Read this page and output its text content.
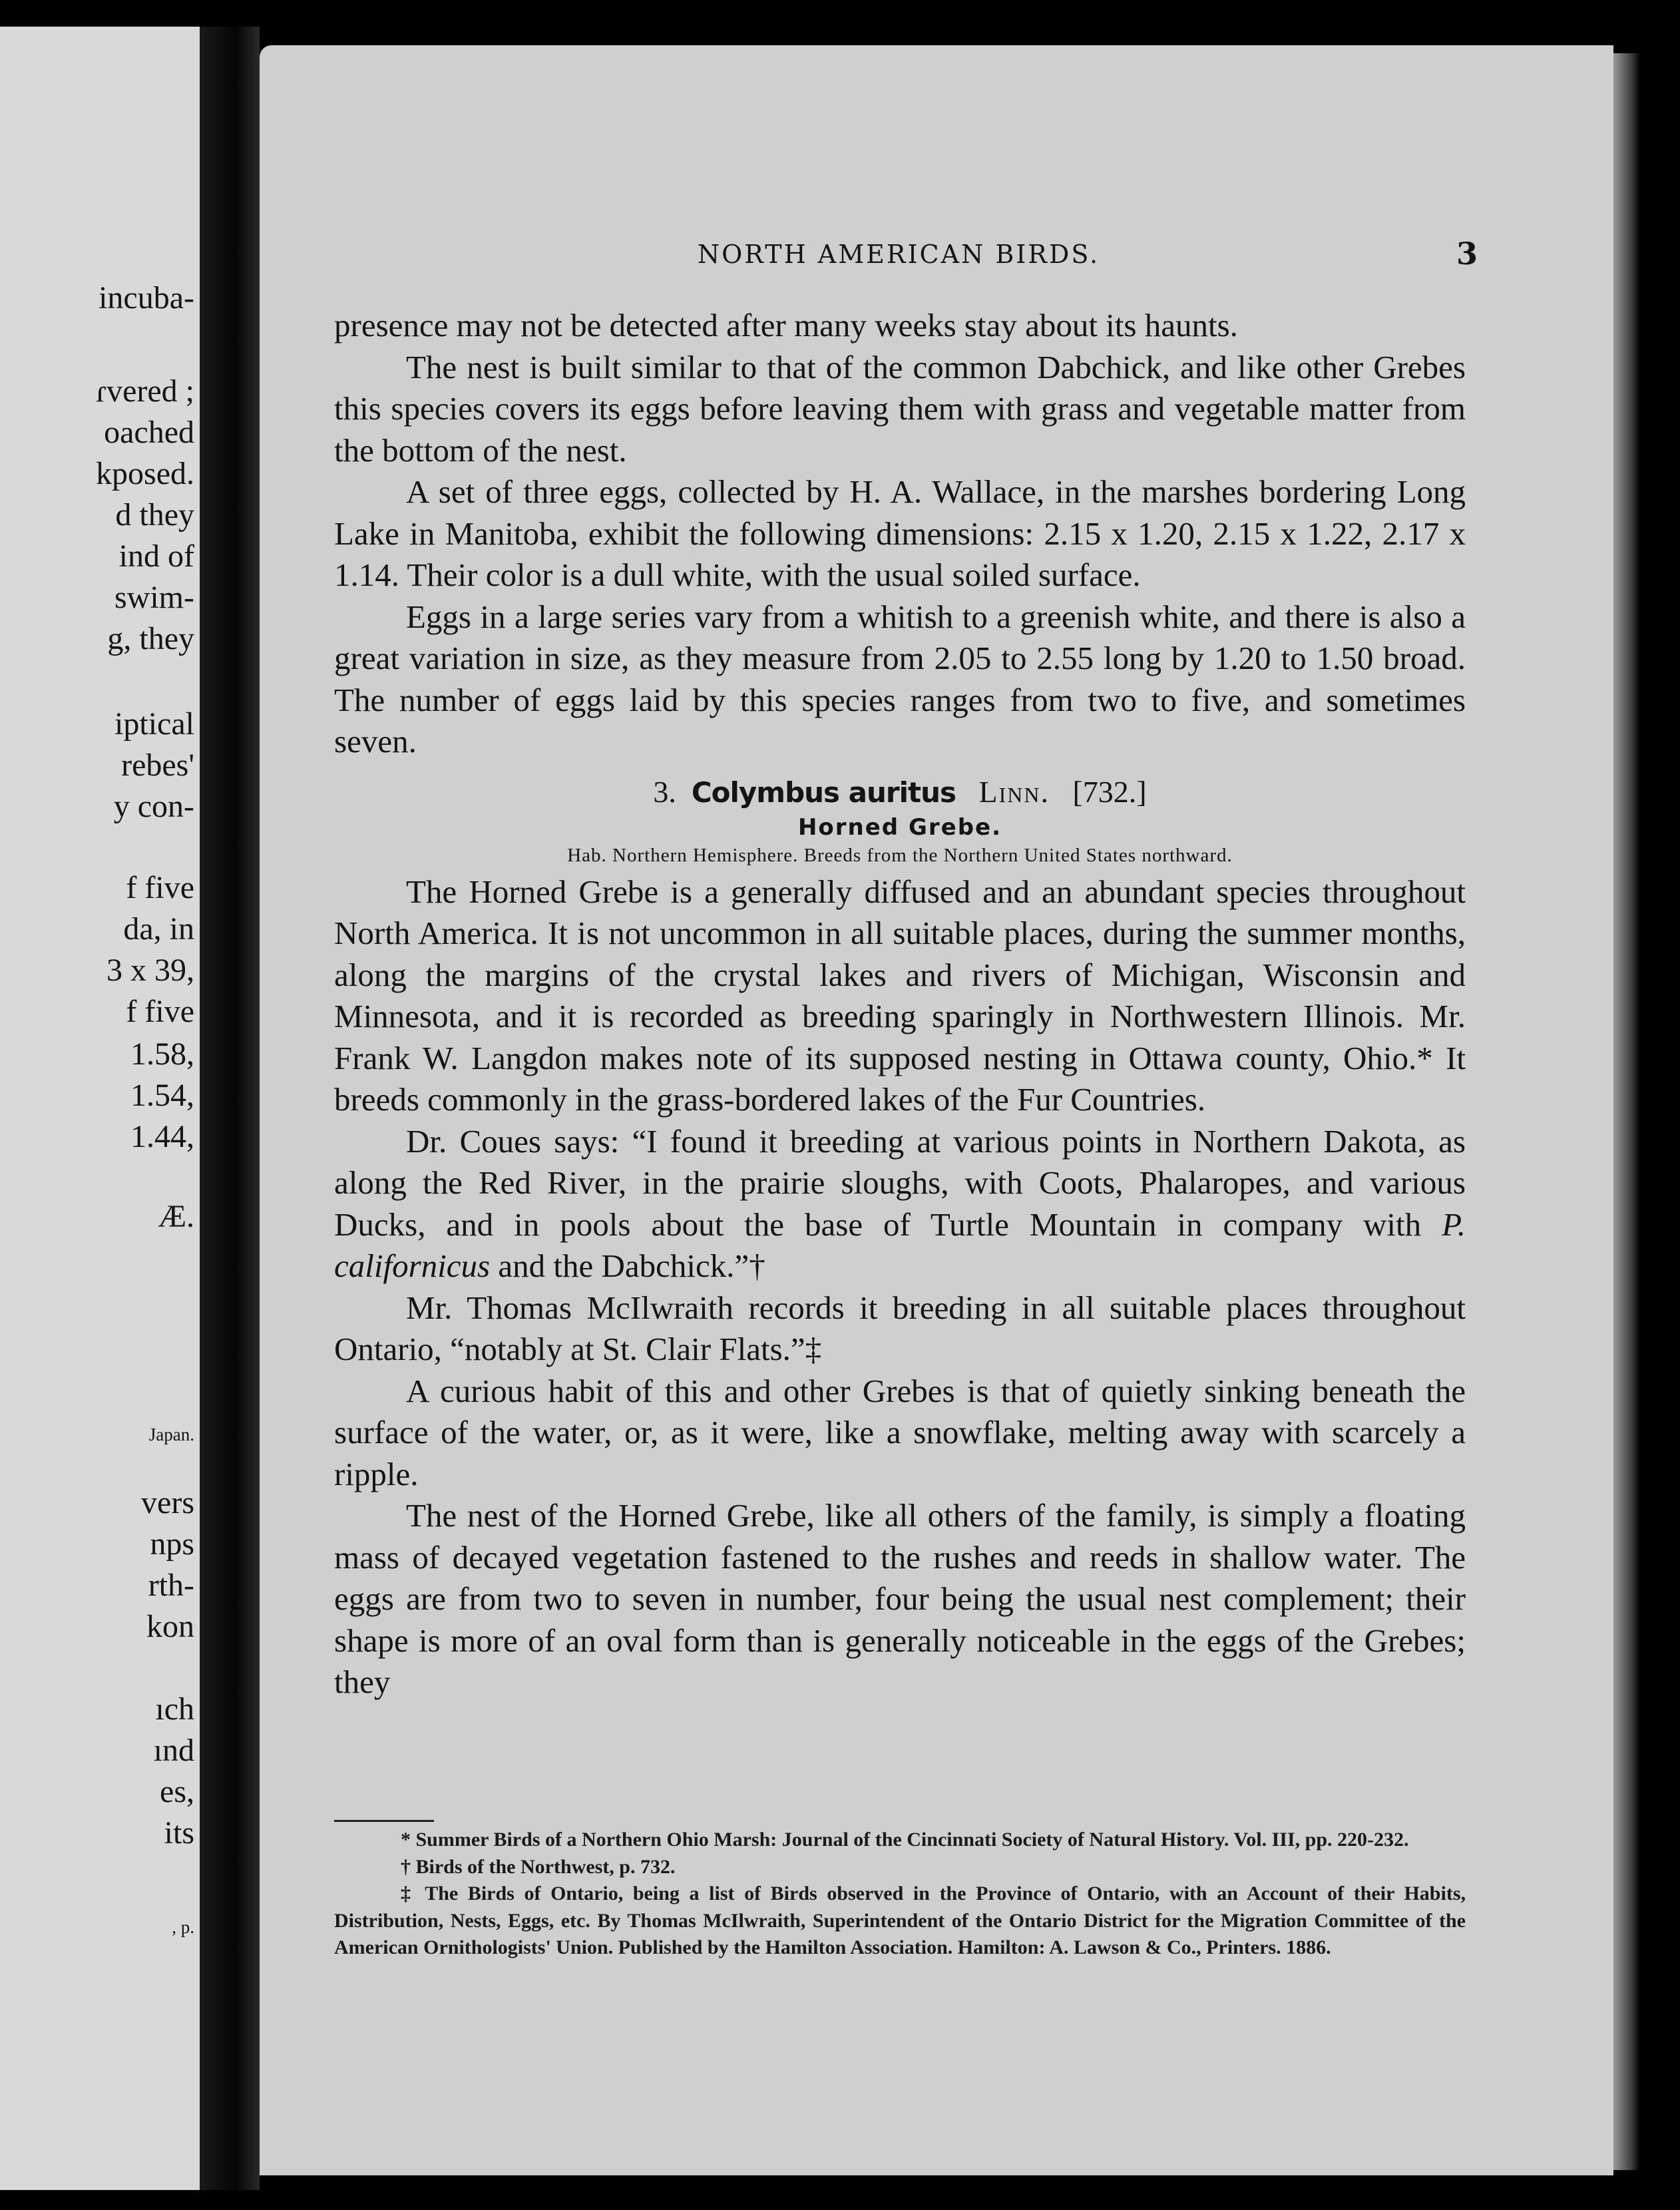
incuba-
ɾvered ;
oached
kposed.
d they
ind of
swim-
g, they
iptical
rebes'
y con-
f five
da, in
3 x 39,
f five
1.58,
1.54,
1.44,
Æ.
Japan.
vers
nps
rth-
kon
ıch
ınd
es,
its
, p.
NORTH AMERICAN BIRDS.	3

presence may not be detected after many weeks stay about its haunts.

The nest is built similar to that of the common Dabchick, and like other Grebes this species covers its eggs before leaving them with grass and vegetable matter from the bottom of the nest.

A set of three eggs, collected by H. A. Wallace, in the marshes bordering Long Lake in Manitoba, exhibit the following dimensions: 2.15 x 1.20, 2.15 x 1.22, 2.17 x 1.14. Their color is a dull white, with the usual soiled surface.

Eggs in a large series vary from a whitish to a greenish white, and there is also a great variation in size, as they measure from 2.05 to 2.55 long by 1.20 to 1.50 broad. The number of eggs laid by this species ranges from two to five, and sometimes seven.

3. Colymbus auritus Linn. [732.]
Horned Grebe.
Hab. Northern Hemisphere. Breeds from the Northern United States northward.

The Horned Grebe is a generally diffused and an abundant species throughout North America. It is not uncommon in all suitable places, during the summer months, along the margins of the crystal lakes and rivers of Michigan, Wisconsin and Minnesota, and it is recorded as breeding sparingly in Northwestern Illinois. Mr. Frank W. Langdon makes note of its supposed nesting in Ottawa county, Ohio.* It breeds commonly in the grass-bordered lakes of the Fur Countries.

Dr. Coues says: “I found it breeding at various points in Northern Dakota, as along the Red River, in the prairie sloughs, with Coots, Phalaropes, and various Ducks, and in pools about the base of Turtle Mountain in company with P. californicus and the Dabchick.”†

Mr. Thomas McIlwraith records it breeding in all suitable places throughout Ontario, “notably at St. Clair Flats.”‡

A curious habit of this and other Grebes is that of quietly sinking beneath the surface of the water, or, as it were, like a snowflake, melting away with scarcely a ripple.

The nest of the Horned Grebe, like all others of the family, is simply a floating mass of decayed vegetation fastened to the rushes and reeds in shallow water. The eggs are from two to seven in number, four being the usual nest complement; their shape is more of an oval form than is generally noticeable in the eggs of the Grebes; they

* Summer Birds of a Northern Ohio Marsh: Journal of the Cincinnati Society of Natural History. Vol. III, pp. 220-232.

† Birds of the Northwest, p. 732.

‡ The Birds of Ontario, being a list of Birds observed in the Province of Ontario, with an Account of their Habits, Distribution, Nests, Eggs, etc. By Thomas McIlwraith, Superintendent of the Ontario District for the Migration Committee of the American Ornithologists' Union. Published by the Hamilton Association. Hamilton: A. Lawson & Co., Printers. 1886.
